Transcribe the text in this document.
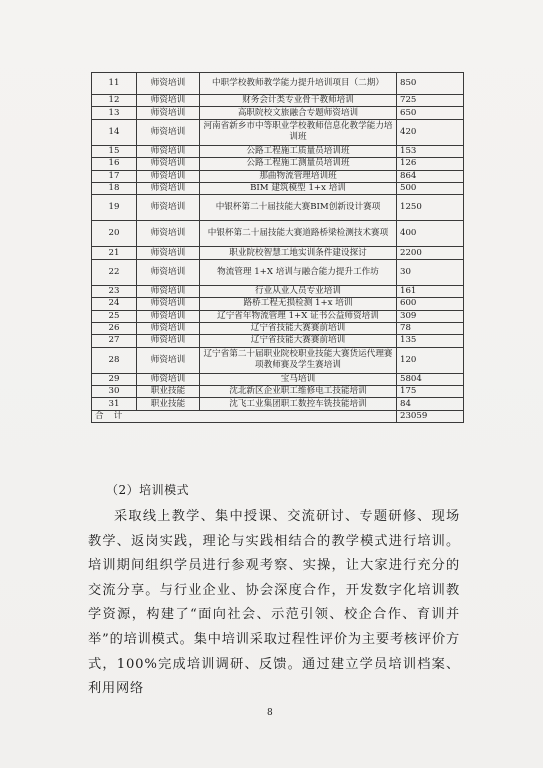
11	师资培训	中职学校教师教学能力提升培训项目（二期）	850
12	师资培训	财务会计类专业骨干教师培训	725
13	师资培训	高职院校文旅融合专题师资培训	650
14	师资培训	河南省新乡市中等职业学校教师信息化教学能力培训班	420
15	师资培训	公路工程施工质量员培训班	153
16	师资培训	公路工程施工测量员培训班	126
17	师资培训	那曲物流管理培训班	864
18	师资培训	BIM 建筑模型 1+x 培训	500
19	师资培训	中银杯第二十届技能大赛BIM创新设计赛项	1250
20	师资培训	中银杯第二十届技能大赛道路桥梁检测技术赛项	400
21	师资培训	职业院校智慧工地实训条件建设探讨	2200
22	师资培训	物流管理 1+X 培训与融合能力提升工作坊	30
23	师资培训	行业从业人员专业培训	161
24	师资培训	路桥工程无损检测 1+x 培训	600
25	师资培训	辽宁省年物流管理 1+X 证书公益师资培训	309
26	师资培训	辽宁省技能大赛赛前培训	78
27	师资培训	辽宁省技能大赛赛前培训	135
28	师资培训	辽宁省第二十届职业院校职业技能大赛货运代理赛项教师赛及学生赛培训	120
29	师资培训	宝马培训	5804
30	职业技能	沈北新区企业职工维修电工技能培训	175
31	职业技能	沈飞工业集团职工数控车铣技能培训	84
合计			23059
（2）培训模式
采取线上教学、集中授课、交流研讨、专题研修、现场教学、返岗实践，理论与实践相结合的教学模式进行培训。培训期间组织学员进行参观考察、实操，让大家进行充分的交流分享。与行业企业、协会深度合作，开发数字化培训教学资源，构建了“面向社会、示范引领、校企合作、育训并举”的培训模式。集中培训采取过程性评价为主要考核评价方式，100%完成培训调研、反馈。通过建立学员培训档案、利用网络
8
